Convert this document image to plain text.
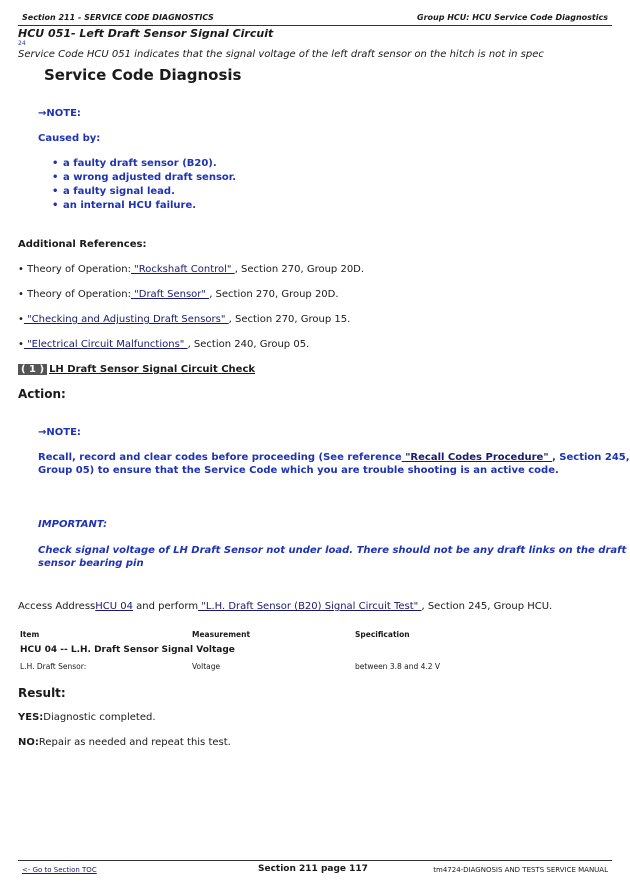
Section 211 - SERVICE CODE DIAGNOSTICS	Group HCU: HCU Service Code Diagnostics
HCU 051- Left Draft Sensor Signal Circuit
24
Service Code HCU 051 indicates that the signal voltage of the left draft sensor on the hitch is not in spec
Service Code Diagnosis
→NOTE:
Caused by:
• a faulty draft sensor (B20).
• a wrong adjusted draft sensor.
• a faulty signal lead.
• an internal HCU failure.
Additional References:
• Theory of Operation: "Rockshaft Control" , Section 270, Group 20D.
• Theory of Operation: "Draft Sensor" , Section 270, Group 20D.
• "Checking and Adjusting Draft Sensors" , Section 270, Group 15.
• "Electrical Circuit Malfunctions" , Section 240, Group 05.
( 1 ) LH Draft Sensor Signal Circuit Check
Action:
→NOTE:
Recall, record and clear codes before proceeding (See reference "Recall Codes Procedure" , Section 245,
Group 05) to ensure that the Service Code which you are trouble shooting is an active code.
IMPORTANT:
Check signal voltage of LH Draft Sensor not under load. There should not be any draft links on the draft
sensor bearing pin
Access AddressHCU 04 and perform "L.H. Draft Sensor (B20) Signal Circuit Test" , Section 245, Group HCU.
Item	Measurement	Specification
HCU 04 -- L.H. Draft Sensor Signal Voltage
L.H. Draft Sensor:	Voltage	between 3.8 and 4.2 V
Result:
YES:Diagnostic completed.
NO:Repair as needed and repeat this test.
<- Go to Section TOC	Section 211 page 117	tm4724-DIAGNOSIS AND TESTS SERVICE MANUAL
